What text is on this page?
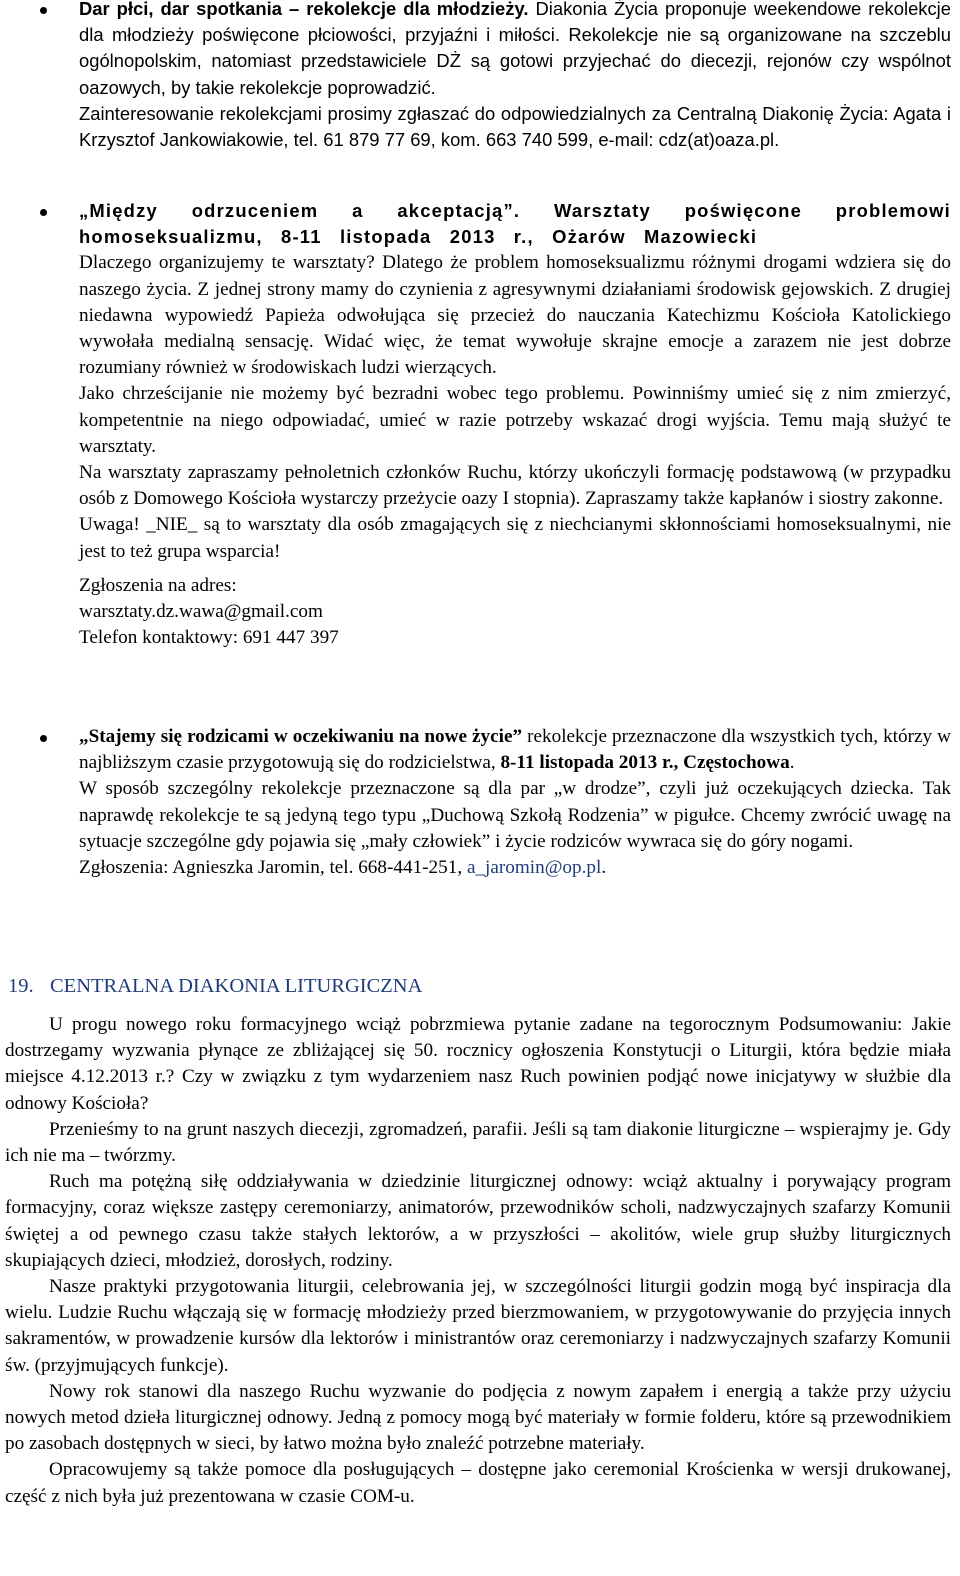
Dar płci, dar spotkania – rekolekcje dla młodzieży. Diakonia Życia proponuje weekendowe rekolekcje dla młodzieży poświęcone płciowości, przyjaźni i miłości. Rekolekcje nie są organizowane na szczeblu ogólnopolskim, natomiast przedstawiciele DŻ są gotowi przyjechać do diecezji, rejonów czy wspólnot oazowych, by takie rekolekcje poprowadzić.

Zainteresowanie rekolekcjami prosimy zgłaszać do odpowiedzialnych za Centralną Diakonię Życia: Agata i Krzysztof Jankowiakowie, tel. 61 879 77 69, kom. 663 740 599, e-mail: cdz(at)oaza.pl.

„Między odrzuceniem a akceptacją”. Warsztaty poświęcone problemowi homoseksualizmu, 8-11 listopada 2013 r., Ożarów Mazowiecki

Dlaczego organizujemy te warsztaty? Dlatego że problem homoseksualizmu różnymi drogami wdziera się do naszego życia. Z jednej strony mamy do czynienia z agresywnymi działaniami środowisk gejowskich. Z drugiej niedawna wypowiedź Papieża odwołująca się przecież do nauczania Katechizmu Kościoła Katolickiego wywołała medialną sensację. Widać więc, że temat wywołuje skrajne emocje a zarazem nie jest dobrze rozumiany również w środowiskach ludzi wierzących.

Jako chrześcijanie nie możemy być bezradni wobec tego problemu. Powinniśmy umieć się z nim zmierzyć, kompetentnie na niego odpowiadać, umieć w razie potrzeby wskazać drogi wyjścia. Temu mają służyć te warsztaty.

Na warsztaty zapraszamy pełnoletnich członków Ruchu, którzy ukończyli formację podstawową (w przypadku osób z Domowego Kościoła wystarczy przeżycie oazy I stopnia). Zapraszamy także kapłanów i siostry zakonne.

Uwaga! _NIE_ są to warsztaty dla osób zmagających się z niechcianymi skłonnościami homoseksualnymi, nie jest to też grupa wsparcia!

Zgłoszenia na adres:

warsztaty.dz.wawa@gmail.com

Telefon kontaktowy: 691 447 397

„Stajemy się rodzicami w oczekiwaniu na nowe życie” rekolekcje przeznaczone dla wszystkich tych, którzy w najbliższym czasie przygotowują się do rodzicielstwa, 8-11 listopada 2013 r., Częstochowa.

W sposób szczególny rekolekcje przeznaczone są dla par „w drodze”, czyli już oczekujących dziecka. Tak naprawdę rekolekcje te są jedyną tego typu „Duchową Szkołą Rodzenia” w pigułce. Chcemy zwrócić uwagę na sytuacje szczególne gdy pojawia się „mały człowiek” i życie rodziców wywraca się do góry nogami.

Zgłoszenia: Agnieszka Jaromin, tel. 668-441-251, a_jaromin@op.pl.

19. CENTRALNA DIAKONIA LITURGICZNA

U progu nowego roku formacyjnego wciąż pobrzmiewa pytanie zadane na tegorocznym Podsumowaniu: Jakie dostrzegamy wyzwania płynące ze zbliżającej się 50. rocznicy ogłoszenia Konstytucji o Liturgii, która będzie miała miejsce 4.12.2013 r.? Czy w związku z tym wydarzeniem nasz Ruch powinien podjąć nowe inicjatywy w służbie dla odnowy Kościoła?

Przenieśmy to na grunt naszych diecezji, zgromadzeń, parafii. Jeśli są tam diakonie liturgiczne – wspierajmy je. Gdy ich nie ma – twórzmy.

Ruch ma potężną siłę oddziaływania w dziedzinie liturgicznej odnowy: wciąż aktualny i porywający program formacyjny, coraz większe zastępy ceremoniarzy, animatorów, przewodników scholi, nadzwyczajnych szafarzy Komunii świętej a od pewnego czasu także stałych lektorów, a w przyszłości – akolitów, wiele grup służby liturgicznych skupiających dzieci, młodzież, dorosłych, rodziny.

Nasze praktyki przygotowania liturgii, celebrowania jej, w szczególności liturgii godzin mogą być inspiracja dla wielu. Ludzie Ruchu włączają się w formację młodzieży przed bierzmowaniem, w przygotowywanie do przyjęcia innych sakramentów, w prowadzenie kursów dla lektorów i ministrantów oraz ceremoniarzy i nadzwyczajnych szafarzy Komunii św. (przyjmujących funkcje).

Nowy rok stanowi dla naszego Ruchu wyzwanie do podjęcia z nowym zapałem i energią a także przy użyciu nowych metod dzieła liturgicznej odnowy. Jedną z pomocy mogą być materiały w formie folderu, które są przewodnikiem po zasobach dostępnych w sieci, by łatwo można było znaleźć potrzebne materiały.

Opracowujemy są także pomoce dla posługujących – dostępne jako ceremonial Krościenka w wersji drukowanej, część z nich była już prezentowana w czasie COM-u.
